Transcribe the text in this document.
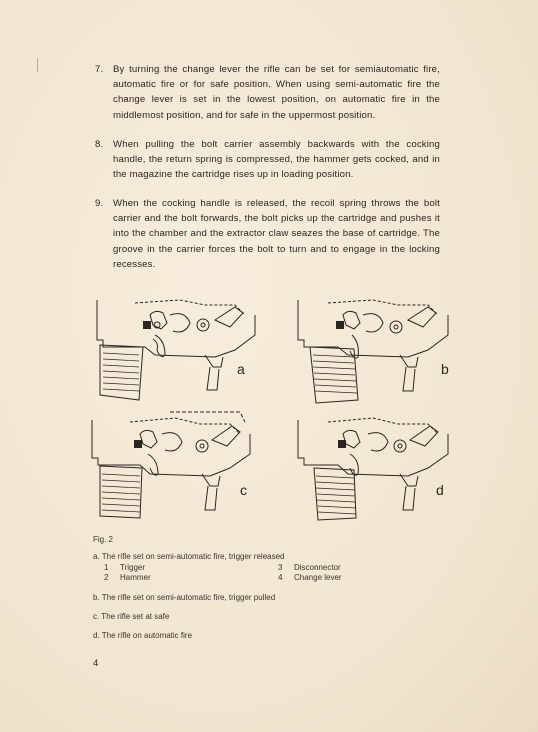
7. By turning the change lever the rifle can be set for semiautomatic fire, automatic fire or for safe position. When using semi-automatic fire the change lever is set in the lowest position, on automatic fire in the middlemost position, and for safe in the uppermost position.
8. When pulling the bolt carrier assembly backwards with the cocking handle, the return spring is compressed, the hammer gets cocked, and in the magazine the cartridge rises up in loading position.
9. When the cocking handle is released, the recoil spring throws the bolt carrier and the bolt forwards, the bolt picks up the cartridge and pushes it into the chamber and the extractor claw seazes the base of cartridge. The groove in the carrier forces the bolt to turn and to engage in the locking recesses.
a	b
c	d
Fig. 2
a. The rifle set on semi-automatic fire, trigger released
1 Trigger	3 Disconnector
2 Hammer	4 Change lever
b. The rifle set on semi-automatic fire, trigger pulled
c. The rifle set at safe
d. The rifle on automatic fire
4
